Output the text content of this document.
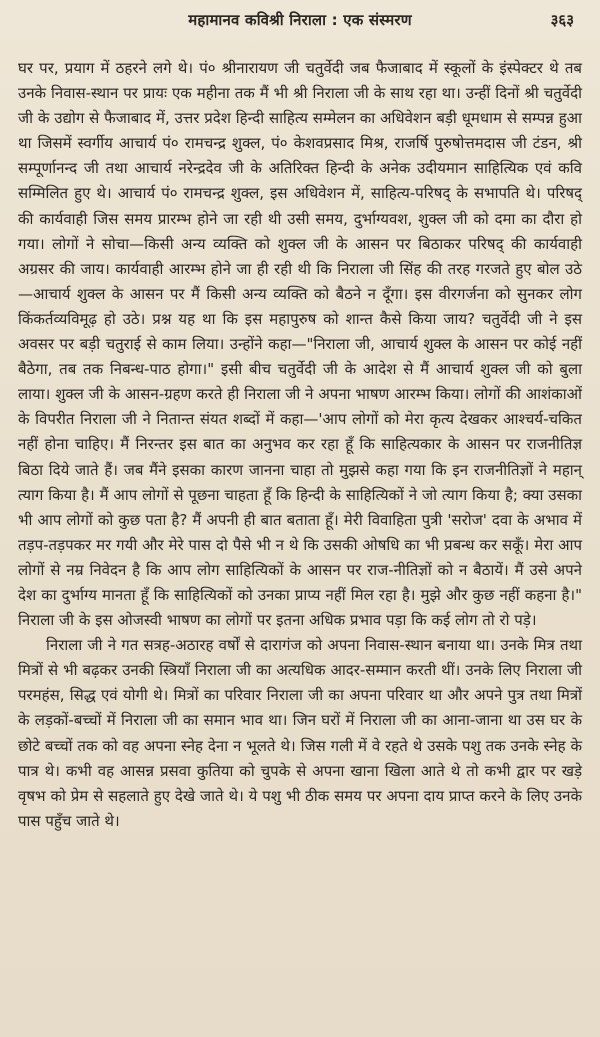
महामानव कविश्री निराला : एक संस्मरण	३६३

घर पर, प्रयाग में ठहरने लगे थे। पं० श्रीनारायण जी चतुर्वेदी जब फैजाबाद में स्कूलों के इंस्पेक्टर थे तब उनके निवास-स्थान पर प्रायः एक महीना तक मैं भी श्री निराला जी के साथ रहा था। उन्हीं दिनों श्री चतुर्वेदी जी के उद्योग से फैजाबाद में, उत्तर प्रदेश हिन्दी साहित्य सम्मेलन का अधिवेशन बड़ी धूमधाम से सम्पन्न हुआ था जिसमें स्वर्गीय आचार्य पं० रामचन्द्र शुक्ल, पं० केशवप्रसाद मिश्र, राजर्षि पुरुषोत्तमदास जी टंडन, श्री सम्पूर्णानन्द जी तथा आचार्य नरेन्द्रदेव जी के अतिरिक्त हिन्दी के अनेक उदीयमान साहित्यिक एवं कवि सम्मिलित हुए थे। आचार्य पं० रामचन्द्र शुक्ल, इस अधिवेशन में, साहित्य-परिषद् के सभापति थे। परिषद् की कार्यवाही जिस समय प्रारम्भ होने जा रही थी उसी समय, दुर्भाग्यवश, शुक्ल जी को दमा का दौरा हो गया। लोगों ने सोचा—किसी अन्य व्यक्ति को शुक्ल जी के आसन पर बिठाकर परिषद् की कार्यवाही अग्रसर की जाय। कार्यवाही आरम्भ होने जा ही रही थी कि निराला जी सिंह की तरह गरजते हुए बोल उठे—आचार्य शुक्ल के आसन पर मैं किसी अन्य व्यक्ति को बैठने न दूँगा। इस वीरगर्जना को सुनकर लोग किंकर्तव्यविमूढ़ हो उठे। प्रश्न यह था कि इस महापुरुष को शान्त कैसे किया जाय? चतुर्वेदी जी ने इस अवसर पर बड़ी चतुराई से काम लिया। उन्होंने कहा—"निराला जी, आचार्य शुक्ल के आसन पर कोई नहीं बैठेगा, तब तक निबन्ध-पाठ होगा।" इसी बीच चतुर्वेदी जी के आदेश से मैं आचार्य शुक्ल जी को बुला लाया। शुक्ल जी के आसन-ग्रहण करते ही निराला जी ने अपना भाषण आरम्भ किया। लोगों की आशंकाओं के विपरीत निराला जी ने नितान्त संयत शब्दों में कहा—'आप लोगों को मेरा कृत्य देखकर आश्चर्य-चकित नहीं होना चाहिए। मैं निरन्तर इस बात का अनुभव कर रहा हूँ कि साहित्यकार के आसन पर राजनीतिज्ञ बिठा दिये जाते हैं। जब मैंने इसका कारण जानना चाहा तो मुझसे कहा गया कि इन राजनीतिज्ञों ने महान् त्याग किया है। मैं आप लोगों से पूछना चाहता हूँ कि हिन्दी के साहित्यिकों ने जो त्याग किया है; क्या उसका भी आप लोगों को कुछ पता है? मैं अपनी ही बात बताता हूँ। मेरी विवाहिता पुत्री 'सरोज' दवा के अभाव में तड़प-तड़पकर मर गयी और मेरे पास दो पैसे भी न थे कि उसकी ओषधि का भी प्रबन्ध कर सकूँ। मेरा आप लोगों से नम्र निवेदन है कि आप लोग साहित्यिकों के आसन पर राज-नीतिज्ञों को न बैठायें। मैं उसे अपने देश का दुर्भाग्य मानता हूँ कि साहित्यिकों को उनका प्राप्य नहीं मिल रहा है। मुझे और कुछ नहीं कहना है।" निराला जी के इस ओजस्वी भाषण का लोगों पर इतना अधिक प्रभाव पड़ा कि कई लोग तो रो पड़े।

निराला जी ने गत सत्रह-अठारह वर्षों से दारागंज को अपना निवास-स्थान बनाया था। उनके मित्र तथा मित्रों से भी बढ़कर उनकी स्त्रियाँ निराला जी का अत्यधिक आदर-सम्मान करती थीं। उनके लिए निराला जी परमहंस, सिद्ध एवं योगी थे। मित्रों का परिवार निराला जी का अपना परिवार था और अपने पुत्र तथा मित्रों के लड़कों-बच्चों में निराला जी का समान भाव था। जिन घरों में निराला जी का आना-जाना था उस घर के छोटे बच्चों तक को वह अपना स्नेह देना न भूलते थे। जिस गली में वे रहते थे उसके पशु तक उनके स्नेह के पात्र थे। कभी वह आसन्न प्रसवा कुतिया को चुपके से अपना खाना खिला आते थे तो कभी द्वार पर खड़े वृषभ को प्रेम से सहलाते हुए देखे जाते थे। ये पशु भी ठीक समय पर अपना दाय प्राप्त करने के लिए उनके पास पहुँच जाते थे।
